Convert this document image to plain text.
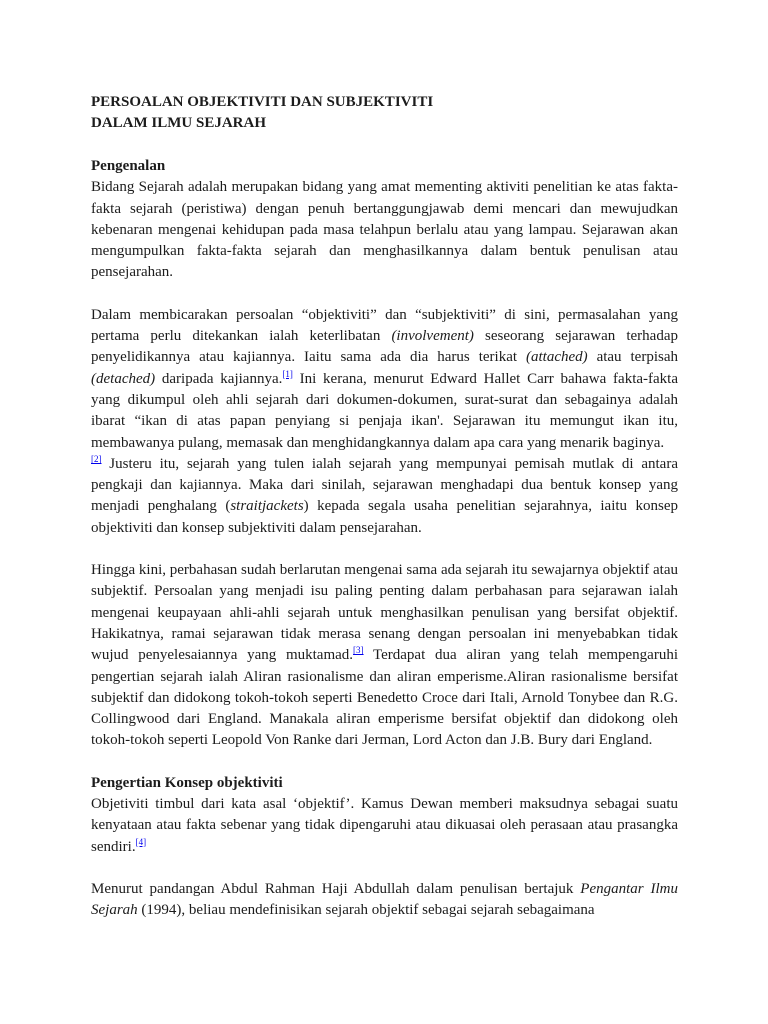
PERSOALAN OBJEKTIVITI DAN SUBJEKTIVITI
DALAM ILMU SEJARAH
Pengenalan

Bidang Sejarah adalah merupakan bidang yang amat mementing aktiviti penelitian ke atas fakta-fakta sejarah (peristiwa) dengan penuh bertanggungjawab demi mencari dan mewujudkan kebenaran mengenai kehidupan pada masa telahpun berlalu atau yang lampau. Sejarawan akan mengumpulkan fakta-fakta sejarah dan menghasilkannya dalam bentuk penulisan atau pensejarahan.

Dalam membicarakan persoalan “objektiviti” dan “subjektiviti” di sini, permasalahan yang pertama perlu ditekankan ialah keterlibatan (involvement) seseorang sejarawan terhadap penyelidikannya atau kajiannya. Iaitu sama ada dia harus terikat (attached) atau terpisah (detached) daripada kajiannya.[1] Ini kerana, menurut Edward Hallet Carr bahawa fakta-fakta yang dikumpul oleh ahli sejarah dari dokumen-dokumen, surat-surat dan sebagainya adalah ibarat “ikan di atas papan penyiang si penjaja ikan'. Sejarawan itu memungut ikan itu, membawanya pulang, memasak dan menghidangkannya dalam apa cara yang menarik baginya.
[2] Justeru itu, sejarah yang tulen ialah sejarah yang mempunyai pemisah mutlak di antara pengkaji dan kajiannya. Maka dari sinilah, sejarawan menghadapi dua bentuk konsep yang menjadi penghalang (straitjackets) kepada segala usaha penelitian sejarahnya, iaitu konsep objektiviti dan konsep subjektiviti dalam pensejarahan.

Hingga kini, perbahasan sudah berlarutan mengenai sama ada sejarah itu sewajarnya objektif atau subjektif. Persoalan yang menjadi isu paling penting dalam perbahasan para sejarawan ialah mengenai keupayaan ahli-ahli sejarah untuk menghasilkan penulisan yang bersifat objektif. Hakikatnya, ramai sejarawan tidak merasa senang dengan persoalan ini menyebabkan tidak wujud penyelesaiannya yang muktamad.[3] Terdapat dua aliran yang telah mempengaruhi pengertian sejarah ialah Aliran rasionalisme dan aliran emperisme.Aliran rasionalisme bersifat subjektif dan didokong tokoh-tokoh seperti Benedetto Croce dari Itali, Arnold Tonybee dan R.G. Collingwood dari England. Manakala aliran emperisme bersifat objektif dan didokong oleh tokoh-tokoh seperti Leopold Von Ranke dari Jerman, Lord Acton dan J.B. Bury dari England.

Pengertian Konsep objektiviti

Objetiviti timbul dari kata asal ‘objektif’. Kamus Dewan memberi maksudnya sebagai suatu kenyataan atau fakta sebenar yang tidak dipengaruhi atau dikuasai oleh perasaan atau prasangka sendiri.[4]

Menurut pandangan Abdul Rahman Haji Abdullah dalam penulisan bertajuk Pengantar Ilmu Sejarah (1994), beliau mendefinisikan sejarah objektif sebagai sejarah sebagaimana
